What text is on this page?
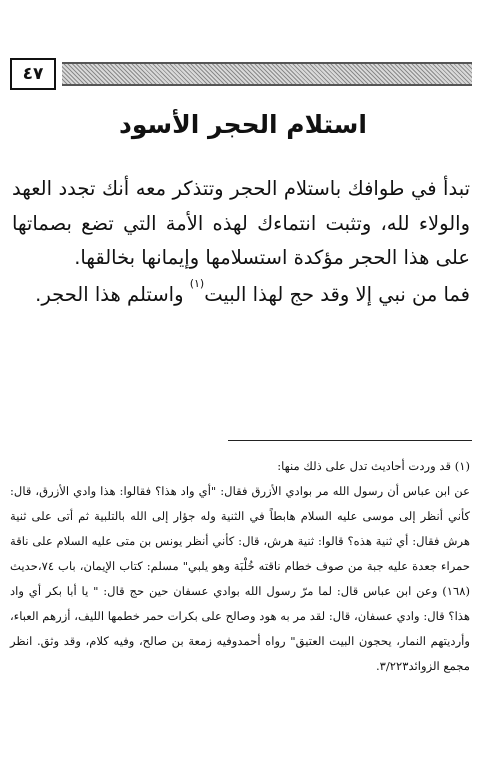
٤٧
استلام الحجر الأسود

تبدأ في طوافك باستلام الحجر وتتذكر معه أنك تجدد العهد والولاء لله، وتثبت انتماءك لهذه الأمة التي تضع بصماتها على هذا الحجر مؤكدة استسلامها وإيمانها بخالقها.

فما من نبي إلا وقد حج لهذا البيت$^{(١)}$ واستلم هذا الحجر.

(١) قد وردت أحاديث تدل على ذلك منها:

عن ابن عباس أن رسول الله مر بوادي الأزرق فقال: "أي واد هذا؟ فقالوا: هذا وادي الأزرق، قال: كأني أنظر إلى موسى عليه السلام هابطاً في الثنية وله جؤار إلى الله بالتلبية ثم أتى على ثنية هرش فقال: أي ثنية هذه؟ قالوا: ثنية هرش، قال: كأني أنظر يونس بن متى عليه السلام على ناقة حمراء جعدة عليه جبة من صوف خطام ناقته خُلْبَة وهو يلبي" مسلم: كتاب الإيمان، باب ٧٤،حديث (١٦٨) وعن ابن عباس قال: لما مرّ رسول الله بوادي عسفان حين حج قال: " يا أبا بكر أي واد هذا؟ قال: وادي عسفان، قال: لقد مر به هود وصالح على بكرات حمر خطمها الليف، أزرهم العباء، وأرديتهم النمار، يحجون البيت العتيق" رواه أحمدوفيه زمعة بن صالح، وفيه كلام، وقد وثق. انظر مجمع الزوائد٣/٢٢٣.
